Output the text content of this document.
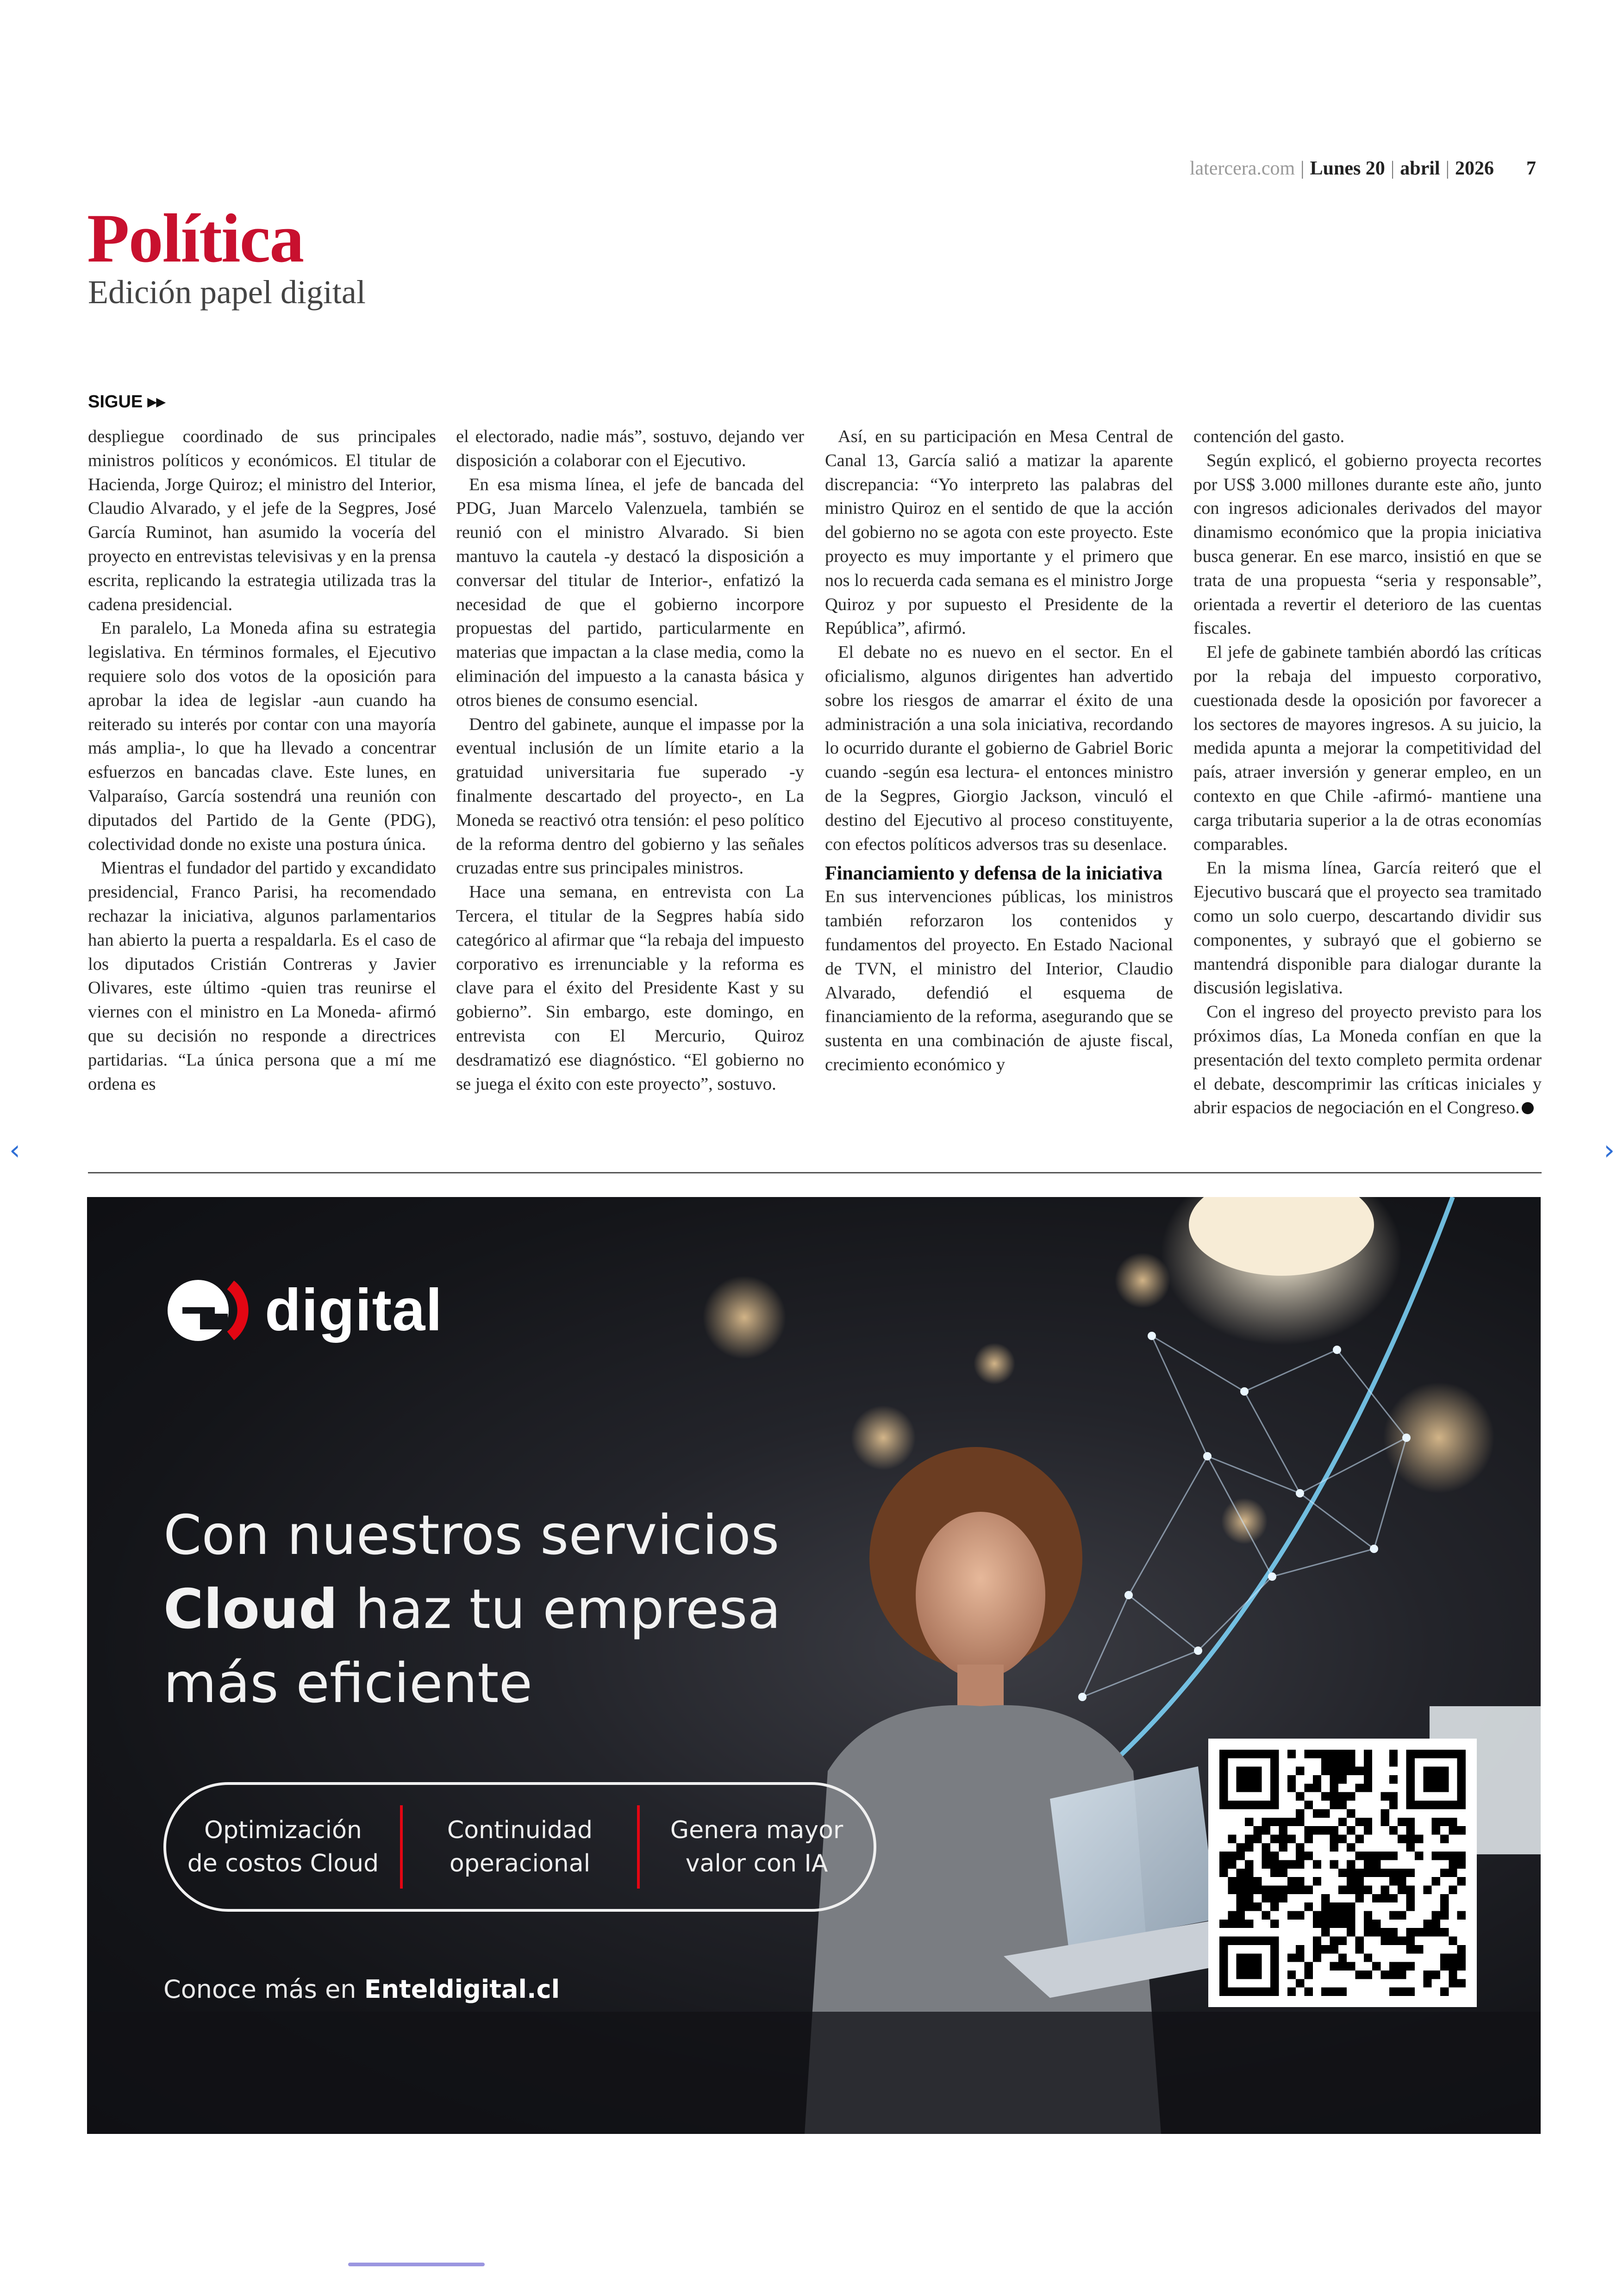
latercera.com | Lunes 20 | abril | 2026 7
Política
Edición papel digital
SIGUE ▸▸

despliegue coordinado de sus principales ministros políticos y económicos. El titular de Hacienda, Jorge Quiroz; el ministro del Interior, Claudio Alvarado, y el jefe de la Segpres, José García Ruminot, han asumido la vocería del proyecto en entrevistas televisivas y en la prensa escrita, replicando la estrategia utilizada tras la cadena presidencial.

En paralelo, La Moneda afina su estrategia legislativa. En términos formales, el Ejecutivo requiere solo dos votos de la oposición para aprobar la idea de legislar -aun cuando ha reiterado su interés por contar con una mayoría más amplia-, lo que ha llevado a concentrar esfuerzos en bancadas clave. Este lunes, en Valparaíso, García sostendrá una reunión con diputados del Partido de la Gente (PDG), colectividad donde no existe una postura única.

Mientras el fundador del partido y excandidato presidencial, Franco Parisi, ha recomendado rechazar la iniciativa, algunos parlamentarios han abierto la puerta a respaldarla. Es el caso de los diputados Cristián Contreras y Javier Olivares, este último -quien tras reunirse el viernes con el ministro en La Moneda- afirmó que su decisión no responde a directrices partidarias. “La única persona que a mí me ordena es

el electorado, nadie más”, sostuvo, dejando ver disposición a colaborar con el Ejecutivo.

En esa misma línea, el jefe de bancada del PDG, Juan Marcelo Valenzuela, también se reunió con el ministro Alvarado. Si bien mantuvo la cautela -y destacó la disposición a conversar del titular de Interior-, enfatizó la necesidad de que el gobierno incorpore propuestas del partido, particularmente en materias que impactan a la clase media, como la eliminación del impuesto a la canasta básica y otros bienes de consumo esencial.

Dentro del gabinete, aunque el impasse por la eventual inclusión de un límite etario a la gratuidad universitaria fue superado -y finalmente descartado del proyecto-, en La Moneda se reactivó otra tensión: el peso político de la reforma dentro del gobierno y las señales cruzadas entre sus principales ministros.

Hace una semana, en entrevista con La Tercera, el titular de la Segpres había sido categórico al afirmar que “la rebaja del impuesto corporativo es irrenunciable y la reforma es clave para el éxito del Presidente Kast y su gobierno”. Sin embargo, este domingo, en entrevista con El Mercurio, Quiroz desdramatizó ese diagnóstico. “El gobierno no se juega el éxito con este proyecto”, sostuvo.

Así, en su participación en Mesa Central de Canal 13, García salió a matizar la aparente discrepancia: “Yo interpreto las palabras del ministro Quiroz en el sentido de que la acción del gobierno no se agota con este proyecto. Este proyecto es muy importante y el primero que nos lo recuerda cada semana es el ministro Jorge Quiroz y por supuesto el Presidente de la República”, afirmó.

El debate no es nuevo en el sector. En el oficialismo, algunos dirigentes han advertido sobre los riesgos de amarrar el éxito de una administración a una sola iniciativa, recordando lo ocurrido durante el gobierno de Gabriel Boric cuando -según esa lectura- el entonces ministro de la Segpres, Giorgio Jackson, vinculó el destino del Ejecutivo al proceso constituyente, con efectos políticos adversos tras su desenlace.

Financiamiento y defensa de la iniciativa

En sus intervenciones públicas, los ministros también reforzaron los contenidos y fundamentos del proyecto. En Estado Nacional de TVN, el ministro del Interior, Claudio Alvarado, defendió el esquema de financiamiento de la reforma, asegurando que se sustenta en una combinación de ajuste fiscal, crecimiento económico y

contención del gasto.

Según explicó, el gobierno proyecta recortes por US$ 3.000 millones durante este año, junto con ingresos adicionales derivados del mayor dinamismo económico que la propia iniciativa busca generar. En ese marco, insistió en que se trata de una propuesta “seria y responsable”, orientada a revertir el deterioro de las cuentas fiscales.

El jefe de gabinete también abordó las críticas por la rebaja del impuesto corporativo, cuestionada desde la oposición por favorecer a los sectores de mayores ingresos. A su juicio, la medida apunta a mejorar la competitividad del país, atraer inversión y generar empleo, en un contexto en que Chile -afirmó- mantiene una carga tributaria superior a la de otras economías comparables.

En la misma línea, García reiteró que el Ejecutivo buscará que el proyecto sea tramitado como un solo cuerpo, descartando dividir sus componentes, y subrayó que el gobierno se mantendrá disponible para dialogar durante la discusión legislativa.

Con el ingreso del proyecto previsto para los próximos días, La Moneda confían en que la presentación del texto completo permita ordenar el debate, descomprimir las críticas iniciales y abrir espacios de negociación en el Congreso.

‹	›
digital
Con nuestros servicios
Cloud haz tu empresa
más eficiente
Optimización
de costos Cloud
Continuidad
operacional
Genera mayor
valor con IA
Conoce más en Enteldigital.cl
